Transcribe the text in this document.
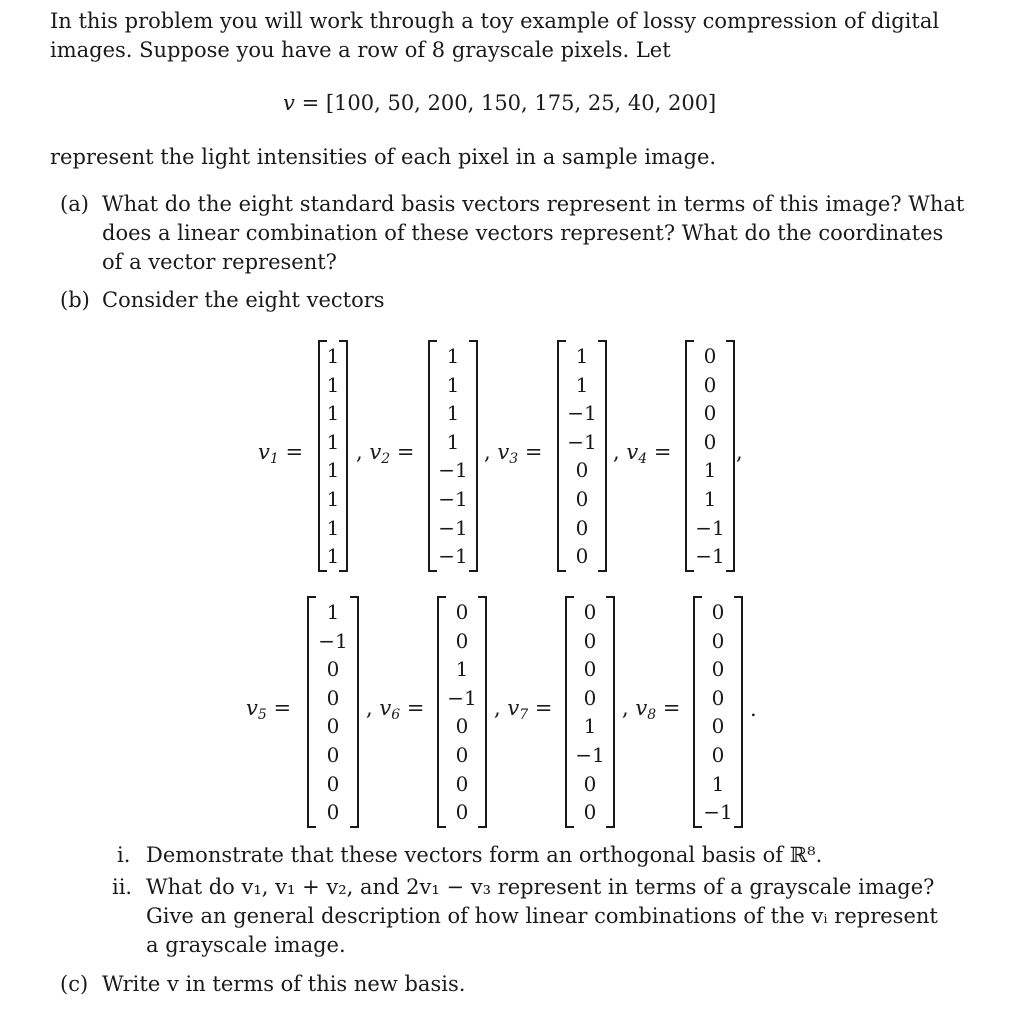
In this problem you will work through a toy example of lossy compression of digital
images. Suppose you have a row of 8 grayscale pixels. Let
v = [100, 50, 200, 150, 175, 25, 40, 200]
represent the light intensities of each pixel in a sample image.
(a) What do the eight standard basis vectors represent in terms of this image? What
does a linear combination of these vectors represent? What do the coordinates
of a vector represent?
(b) Consider the eight vectors
$v_1$ =
1
1
1
1
1
1
1
1
, $v_2$ =
1
1
1
1
−1
−1
−1
−1
, $v_3$ =
1
1
−1
−1
0
0
0
0
, $v_4$ =
0
0
0
0
1
1
−1
−1
,
$v_5$ =
1
−1
0
0
0
0
0
0
, $v_6$ =
0
0
1
−1
0
0
0
0
, $v_7$ =
0
0
0
0
1
−1
0
0
, $v_8$ =
0
0
0
0
0
0
1
−1
.
i. Demonstrate that these vectors form an orthogonal basis of ℝ⁸.
ii. What do v₁, v₁ + v₂, and 2v₁ − v₃ represent in terms of a grayscale image?
Give an general description of how linear combinations of the vᵢ represent
a grayscale image.
(c) Write v in terms of this new basis.
